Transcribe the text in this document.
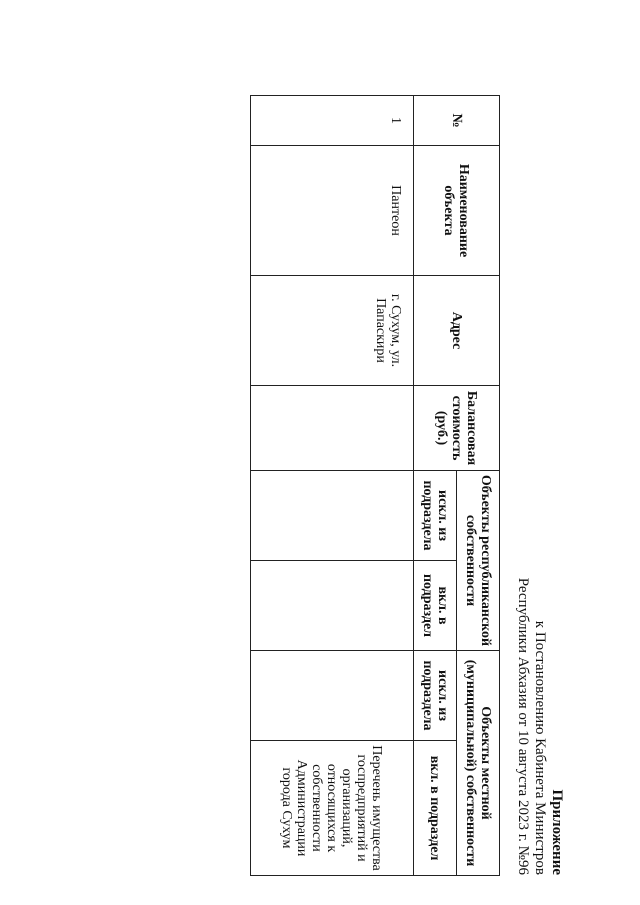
Приложение
к Постановлению Кабинета Министров
Республики Абхазия от 10 августа 2023 г. №96
№	Наименование объекта	Адрес	Балансовая стоимость (руб.)	Объекты республиканской собственности		Объекты местной (муниципальной) собственности	
				искл. из подраздела	вкл. в подраздел	искл. из подраздела	вкл. в подраздел
1	Пантеон	г. Сухум, ул. Папаскири					Перечень имущества госпредприятий и организаций, относящихся к собственности Администрации города Сухум
